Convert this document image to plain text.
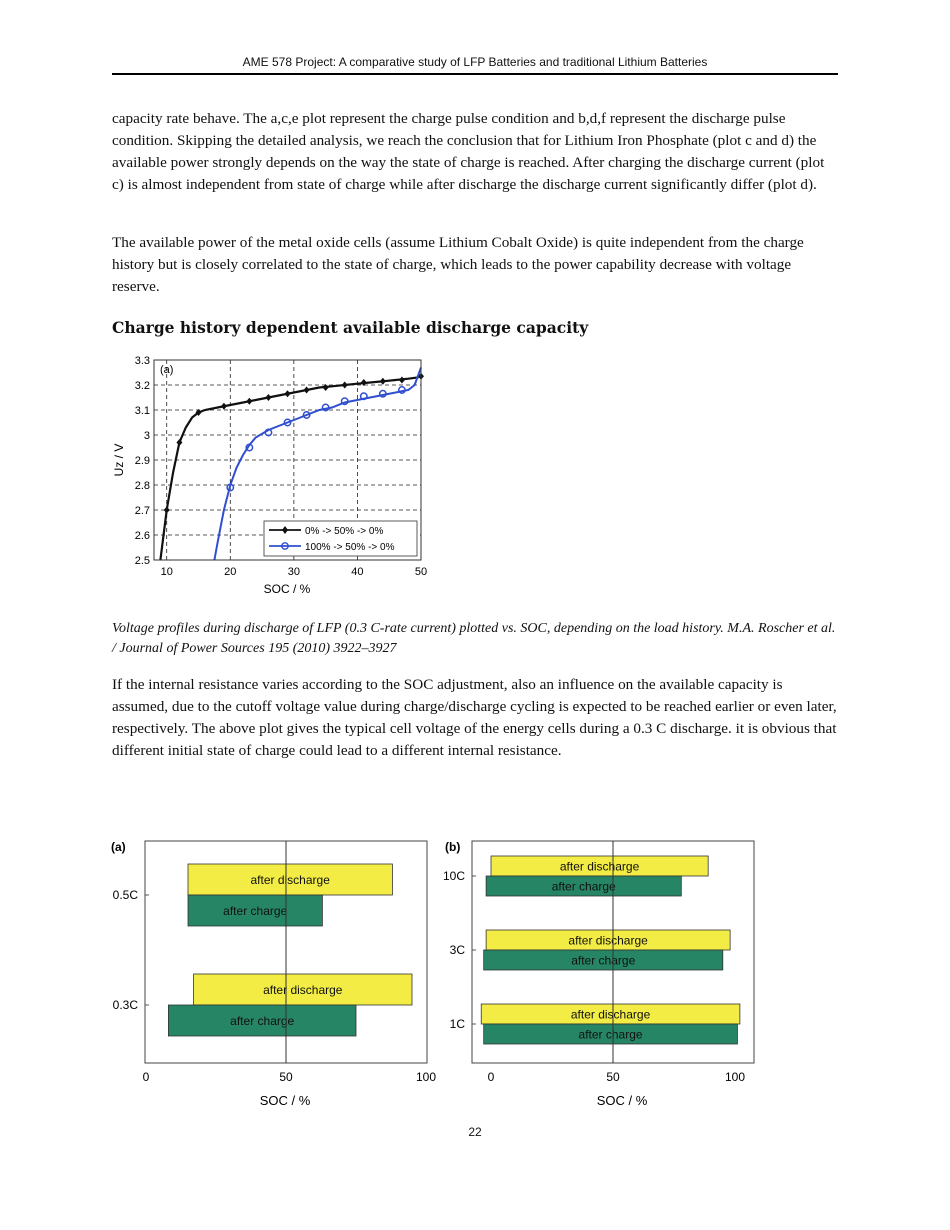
AME 578 Project: A comparative study of LFP Batteries and traditional Lithium Batteries

capacity rate behave. The a,c,e plot represent the charge pulse condition and b,d,f represent the discharge pulse condition. Skipping the detailed analysis, we reach the conclusion that for Lithium Iron Phosphate (plot c and d) the available power strongly depends on the way the state of charge is reached. After charging the discharge current (plot c) is almost independent from state of charge while after discharge the discharge current significantly differ (plot d).

The available power of the metal oxide cells (assume Lithium Cobalt Oxide) is quite independent from the charge history but is closely correlated to the state of charge, which leads to the power capability decrease with voltage reserve.

Charge history dependent available discharge capacity
2.5
2.6
2.7
2.8
2.9
3
3.1
3.2
3.3
10	20	30	40	50
(a)
SOC / %
Uz / V
0% -> 50% -> 0%
100% -> 50% -> 0%

Voltage profiles during discharge of LFP (0.3 C-rate current) plotted vs. SOC, depending on the load history. M.A. Roscher et al. / Journal of Power Sources 195 (2010) 3922–3927

If the internal resistance varies according to the SOC adjustment, also an influence on the available capacity is assumed, due to the cutoff voltage value during charge/discharge cycling is expected to be reached earlier or even later, respectively. The above plot gives the typical cell voltage of the energy cells during a 0.3 C discharge. it is obvious that different initial state of charge could lead to a different internal resistance.

(a)
after discharge
after charge
after discharge
after charge
0.5C
0.3C
0	50	100
SOC / %
(b)
after discharge
after charge
after discharge
after charge
after discharge
after charge
10C
3C
1C
0	50	100
SOC / %
22
